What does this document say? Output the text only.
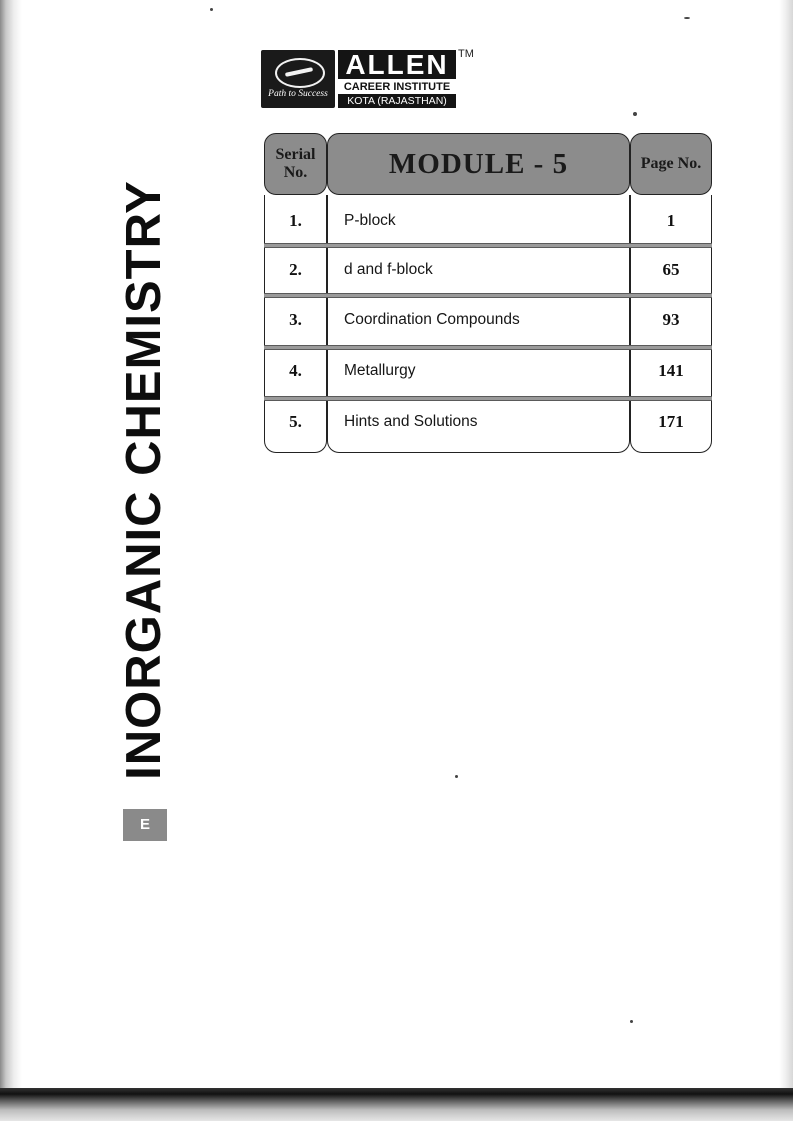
Path to Success
ALLEN
CAREER INSTITUTE
KOTA (RAJASTHAN)
TM
INORGANIC CHEMISTRY
E
Serial No.	MODULE - 5	Page No.
1.	P-block	1
2.	d and f-block	65
3.	Coordination Compounds	93
4.	Metallurgy	141
5.	Hints and Solutions	171
